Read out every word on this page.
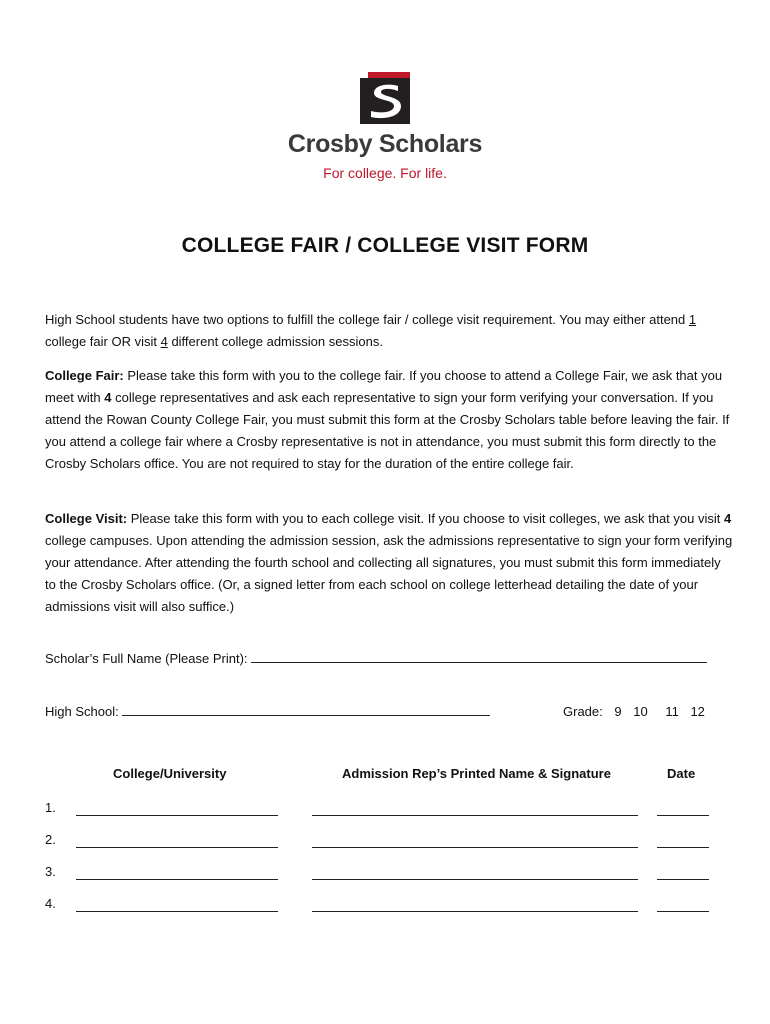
Crosby Scholars
For college. For life.
COLLEGE FAIR / COLLEGE VISIT FORM

High School students have two options to fulfill the college fair / college visit requirement. You may either attend 1 college fair OR visit 4 different college admission sessions.

College Fair: Please take this form with you to the college fair. If you choose to attend a College Fair, we ask that you meet with 4 college representatives and ask each representative to sign your form verifying your conversation. If you attend the Rowan County College Fair, you must submit this form at the Crosby Scholars table before leaving the fair. If you attend a college fair where a Crosby representative is not in attendance, you must submit this form directly to the Crosby Scholars office. You are not required to stay for the duration of the entire college fair.

College Visit: Please take this form with you to each college visit. If you choose to visit colleges, we ask that you visit 4 college campuses. Upon attending the admission session, ask the admissions representative to sign your form verifying your attendance. After attending the fourth school and collecting all signatures, you must submit this form immediately to the Crosby Scholars office. (Or, a signed letter from each school on college letterhead detailing the date of your admissions visit will also suffice.)

Scholar’s Full Name (Please Print):
High School:	Grade: 9 10 11 12
College/University	Admission Rep’s Printed Name & Signature	Date
1.
2.
3.
4.
